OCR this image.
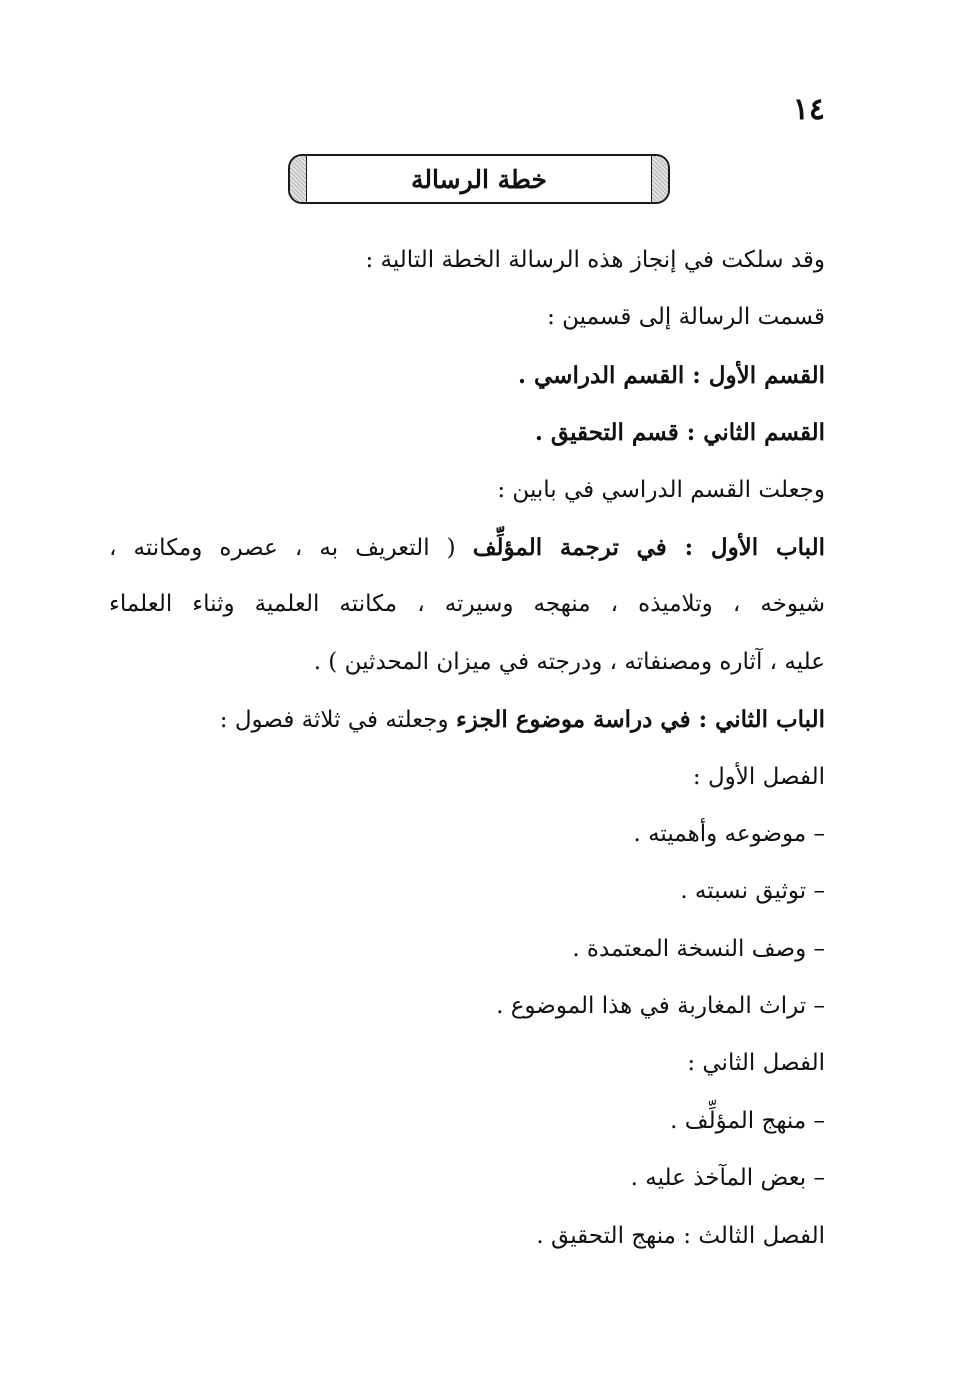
١٤
خطة الرسالة
وقد سلكت في إنجاز هذه الرسالة الخطة التالية :
قسمت الرسالة إلى قسمين :
القسم الأول : القسم الدراسي .
القسم الثاني : قسم التحقيق .
وجعلت القسم الدراسي في بابين :
الباب الأول : في ترجمة المؤلِّف ( التعريف به ، عصره ومكانته ،
شيوخه ، وتلاميذه ، منهجه وسيرته ، مكانته العلمية وثناء العلماء
عليه ، آثاره ومصنفاته ، ودرجته في ميزان المحدثين ) .
الباب الثاني : في دراسة موضوع الجزء وجعلته في ثلاثة فصول :
الفصل الأول :
– موضوعه وأهميته .
– توثيق نسبته .
– وصف النسخة المعتمدة .
– تراث المغاربة في هذا الموضوع .
الفصل الثاني :
– منهج المؤلِّف .
– بعض المآخذ عليه .
الفصل الثالث : منهج التحقيق .
